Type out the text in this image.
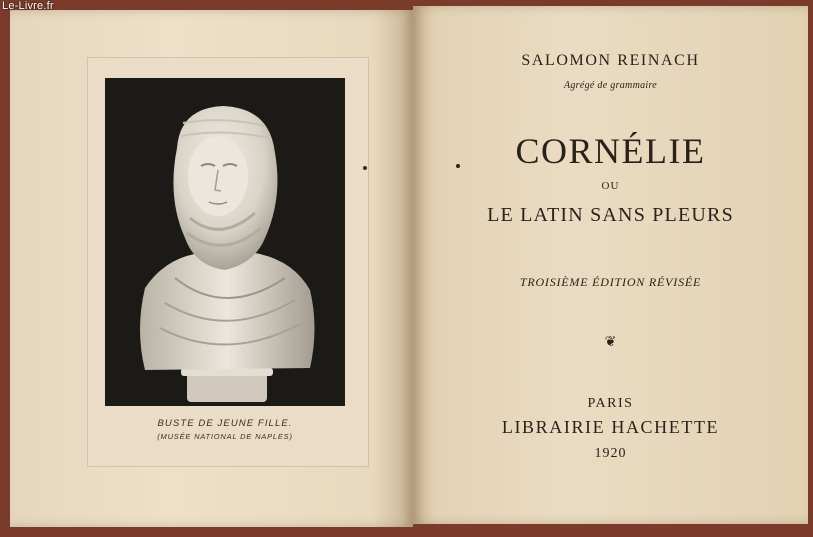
BUSTE DE JEUNE FILLE.
(MUSÉE NATIONAL DE NAPLES)
SALOMON REINACH
Agrégé de grammaire
CORNÉLIE
OU
LE LATIN SANS PLEURS
TROISIÈME ÉDITION RÉVISÉE
❦
PARIS
LIBRAIRIE HACHETTE
1920
Le-Livre.fr
